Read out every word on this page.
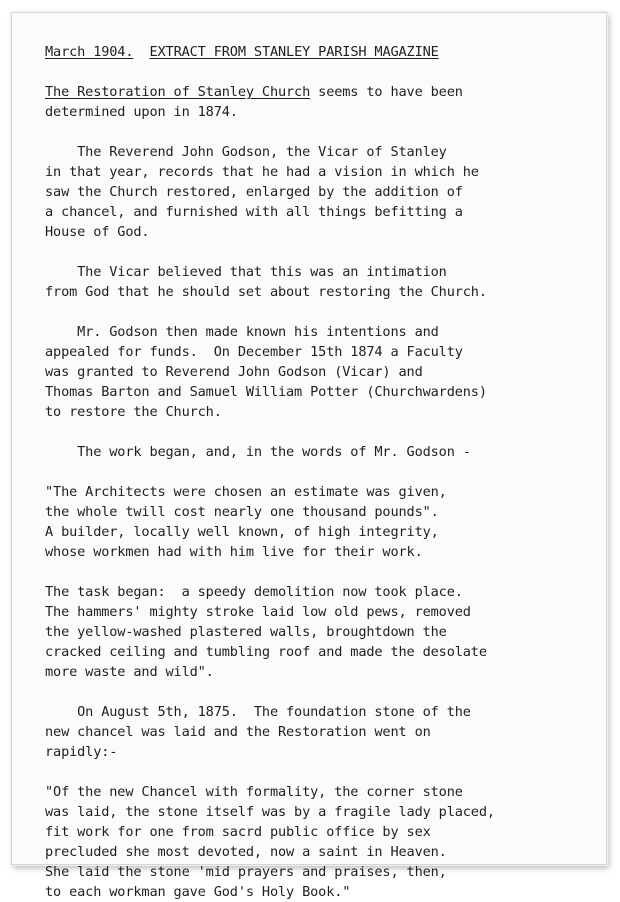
March 1904. EXTRACT FROM STANLEY PARISH MAGAZINE
The Restoration of Stanley Church seems to have been
determined upon in 1874.
The Reverend John Godson, the Vicar of Stanley
in that year, records that he had a vision in which he
saw the Church restored, enlarged by the addition of
a chancel, and furnished with all things befitting a
House of God.
The Vicar believed that this was an intimation
from God that he should set about restoring the Church.
Mr. Godson then made known his intentions and
appealed for funds.  On December 15th 1874 a Faculty
was granted to Reverend John Godson (Vicar) and
Thomas Barton and Samuel William Potter (Churchwardens)
to restore the Church.
The work began, and, in the words of Mr. Godson -
"The Architects were chosen an estimate was given,
the whole twill cost nearly one thousand pounds".
A builder, locally well known, of high integrity,
whose workmen had with him live for their work.
The task began:  a speedy demolition now took place.
The hammers' mighty stroke laid low old pews, removed
the yellow-washed plastered walls, broughtdown the
cracked ceiling and tumbling roof and made the desolate
more waste and wild".
On August 5th, 1875.  The foundation stone of the
new chancel was laid and the Restoration went on
rapidly:-
"Of the new Chancel with formality, the corner stone
was laid, the stone itself was by a fragile lady placed,
fit work for one from sacrd public office by sex
precluded she most devoted, now a saint in Heaven.
She laid the stone 'mid prayers and praises, then,
to each workman gave God's Holy Book."
